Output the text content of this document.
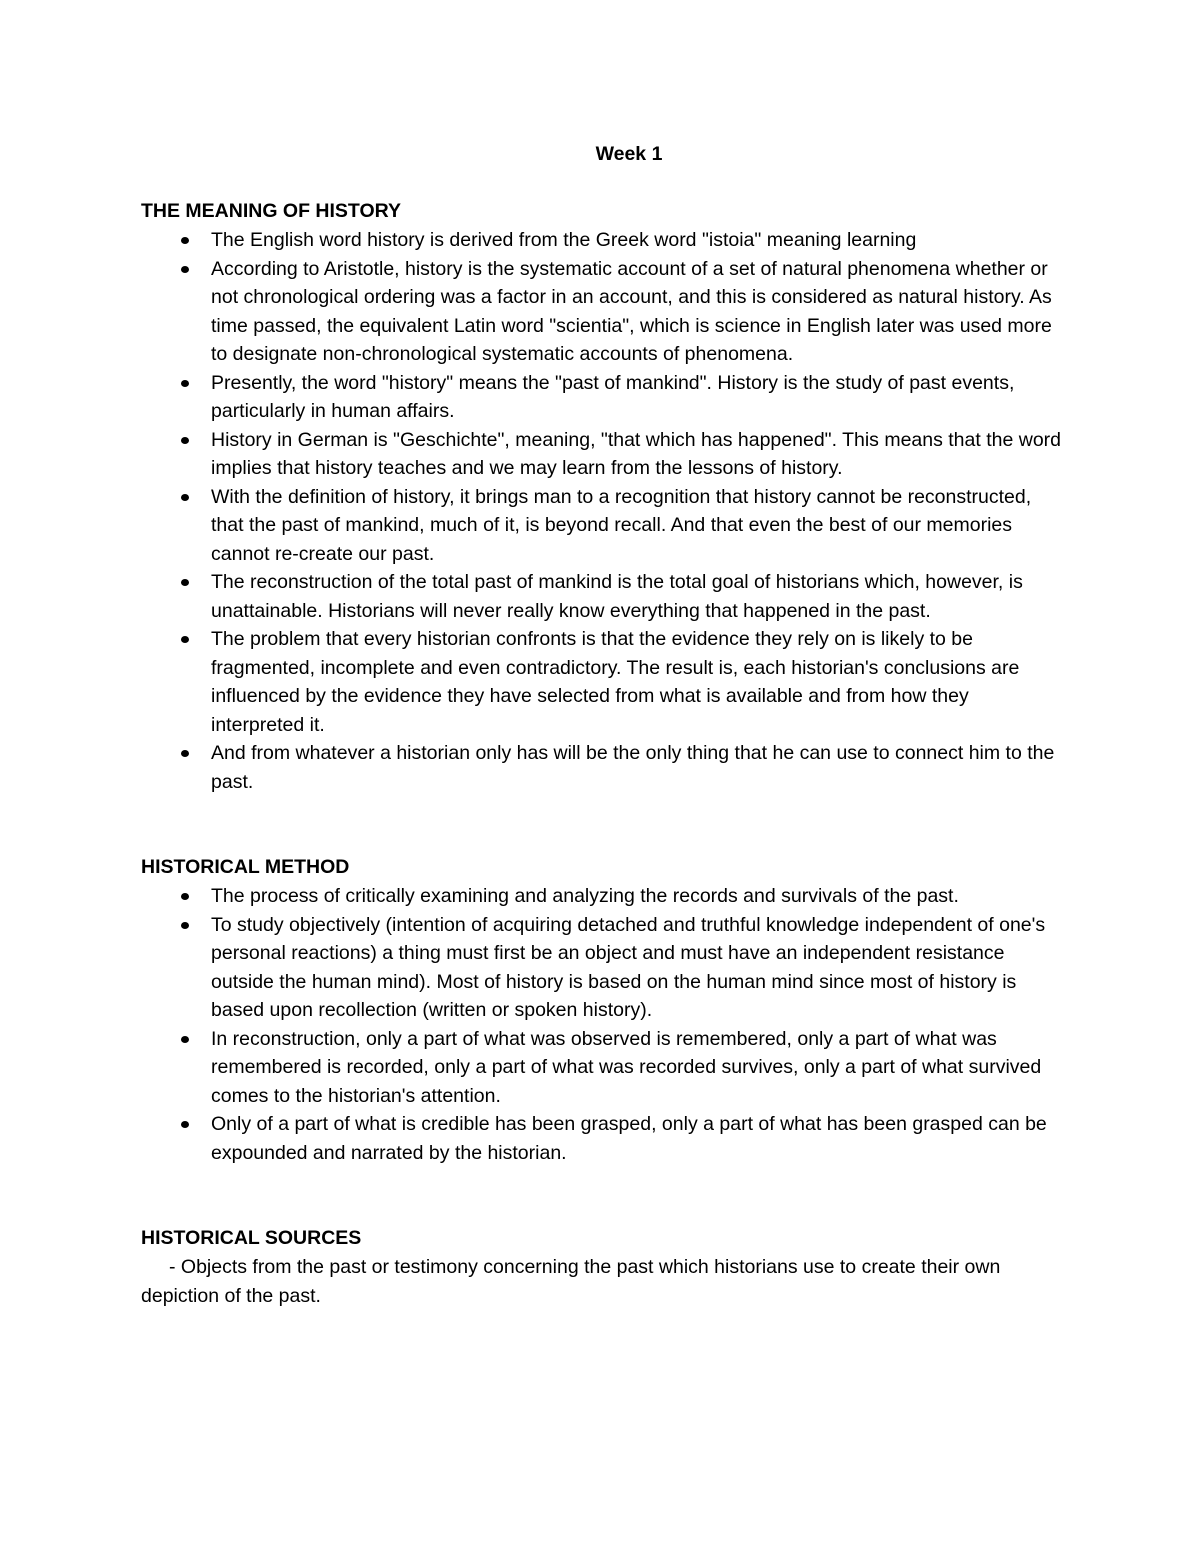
Week 1
THE MEANING OF HISTORY
The English word history is derived from the Greek word "istoia" meaning learning
According to Aristotle, history is the systematic account of a set of natural phenomena whether or not chronological ordering was a factor in an account, and this is considered as natural history. As time passed, the equivalent Latin word "scientia", which is science in English later was used more to designate non-chronological systematic accounts of phenomena.
Presently, the word "history" means the "past of mankind". History is the study of past events, particularly in human affairs.
History in German is "Geschichte", meaning, "that which has happened". This means that the word implies that history teaches and we may learn from the lessons of history.
With the definition of history, it brings man to a recognition that history cannot be reconstructed, that the past of mankind, much of it, is beyond recall. And that even the best of our memories cannot re-create our past.
The reconstruction of the total past of mankind is the total goal of historians which, however, is unattainable. Historians will never really know everything that happened in the past.
The problem that every historian confronts is that the evidence they rely on is likely to be fragmented, incomplete and even contradictory. The result is, each historian's conclusions are influenced by the evidence they have selected from what is available and from how they interpreted it.
And from whatever a historian only has will be the only thing that he can use to connect him to the past.
HISTORICAL METHOD
The process of critically examining and analyzing the records and survivals of the past.
To study objectively (intention of acquiring detached and truthful knowledge independent of one's personal reactions) a thing must first be an object and must have an independent resistance outside the human mind). Most of history is based on the human mind since most of history is based upon recollection (written or spoken history).
In reconstruction, only a part of what was observed is remembered, only a part of what was remembered is recorded, only a part of what was recorded survives, only a part of what survived comes to the historian's attention.
Only of a part of what is credible has been grasped, only a part of what has been grasped can be expounded and narrated by the historian.
HISTORICAL SOURCES

- Objects from the past or testimony concerning the past which historians use to create their own depiction of the past.
